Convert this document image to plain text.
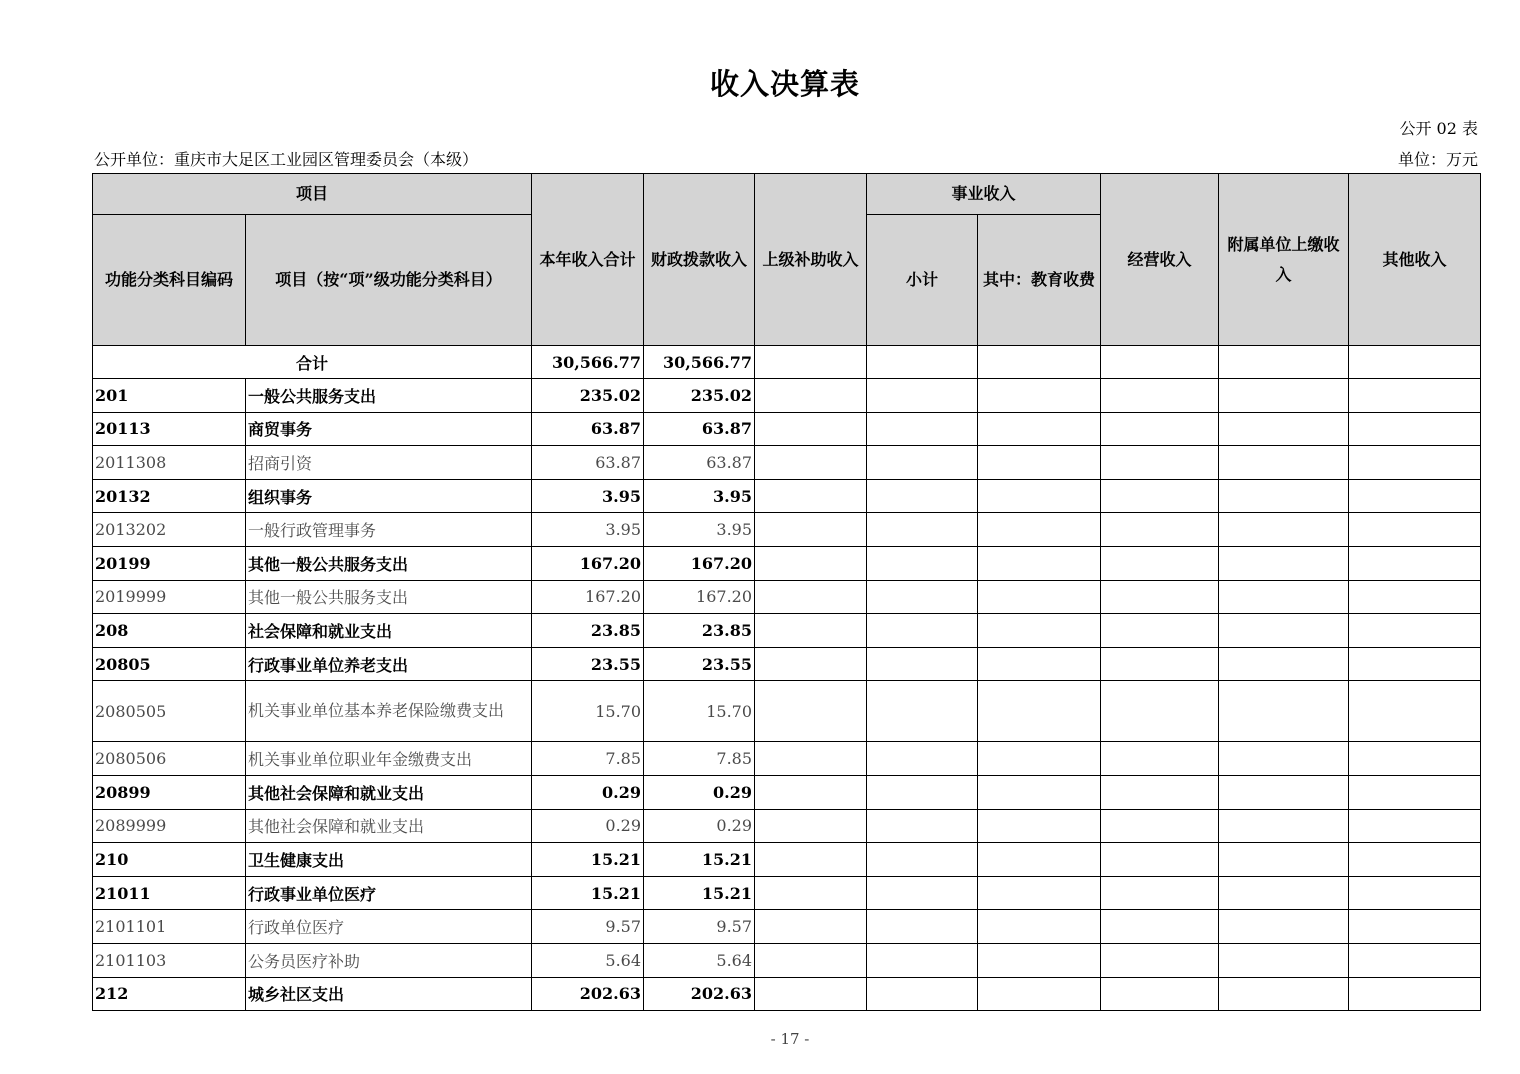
收入决算表
公开 02 表
公开单位：重庆市大足区工业园区管理委员会（本级）	单位：万元
项目		本年收入合计	财政拨款收入	上级补助收入	事业收入		经营收入	附属单位上缴收入	其他收入
功能分类科目编码	项目（按“项”级功能分类科目）				小计	其中：教育收费			
合计		30,566.77	30,566.77						
201	一般公共服务支出	235.02	235.02						
20113	商贸事务	63.87	63.87						
2011308	招商引资	63.87	63.87						
20132	组织事务	3.95	3.95						
2013202	一般行政管理事务	3.95	3.95						
20199	其他一般公共服务支出	167.20	167.20						
2019999	其他一般公共服务支出	167.20	167.20						
208	社会保障和就业支出	23.85	23.85						
20805	行政事业单位养老支出	23.55	23.55						
2080505	机关事业单位基本养老保险缴费支出	15.70	15.70						
2080506	机关事业单位职业年金缴费支出	7.85	7.85						
20899	其他社会保障和就业支出	0.29	0.29						
2089999	其他社会保障和就业支出	0.29	0.29						
210	卫生健康支出	15.21	15.21						
21011	行政事业单位医疗	15.21	15.21						
2101101	行政单位医疗	9.57	9.57						
2101103	公务员医疗补助	5.64	5.64						
212	城乡社区支出	202.63	202.63						
- 17 -
